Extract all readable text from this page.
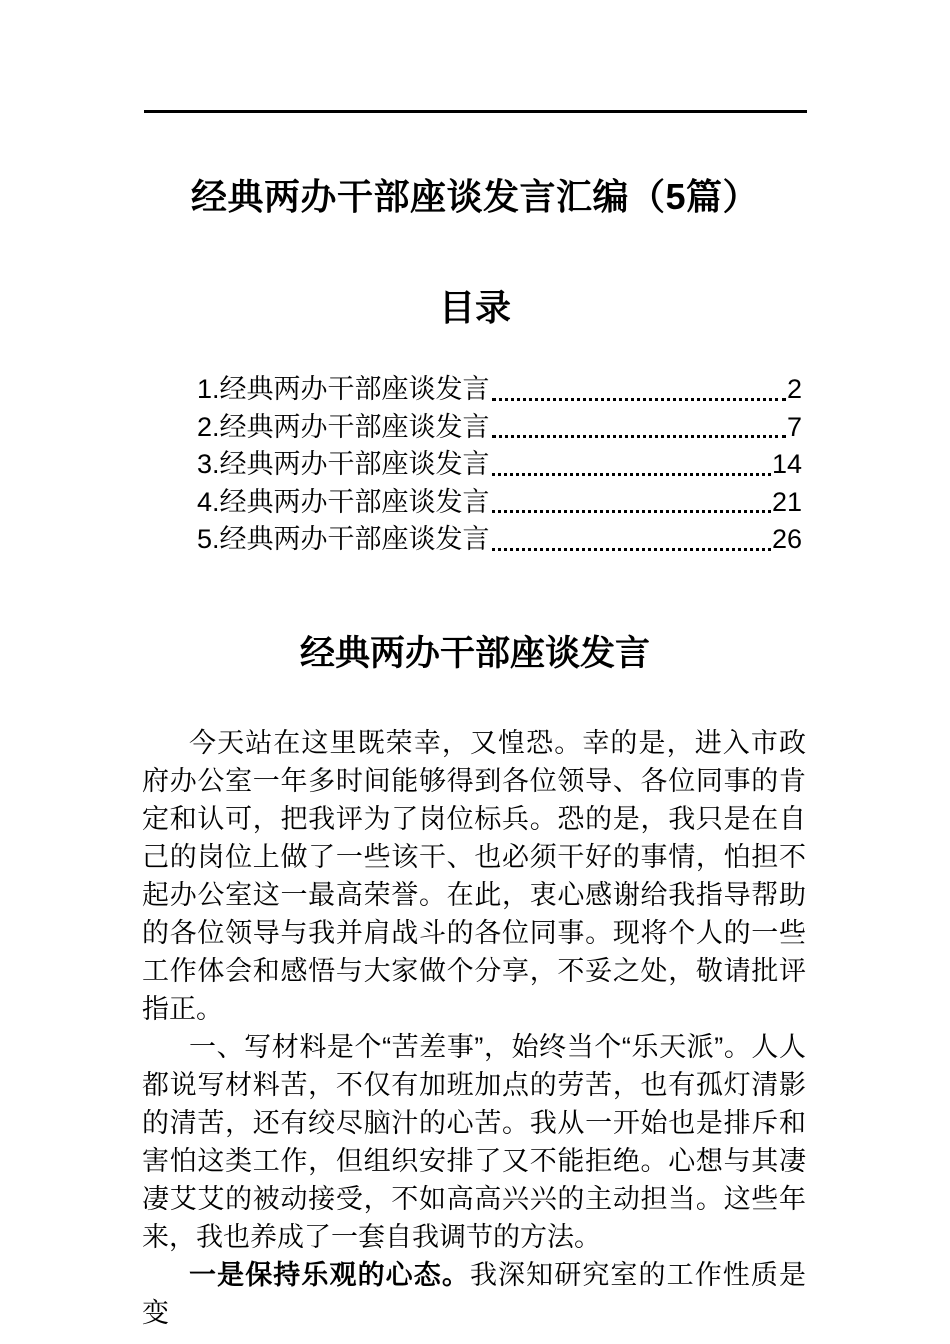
经典两办干部座谈发言汇编（5篇）
目录
1.经典两办干部座谈发言	2
2.经典两办干部座谈发言	7
3.经典两办干部座谈发言	14
4.经典两办干部座谈发言	21
5.经典两办干部座谈发言	26
经典两办干部座谈发言

今天站在这里既荣幸，又惶恐。幸的是，进入市政府办公室一年多时间能够得到各位领导、各位同事的肯定和认可，把我评为了岗位标兵。恐的是，我只是在自己的岗位上做了一些该干、也必须干好的事情，怕担不起办公室这一最高荣誉。在此，衷心感谢给我指导帮助的各位领导与我并肩战斗的各位同事。现将个人的一些工作体会和感悟与大家做个分享，不妥之处，敬请批评指正。

一、写材料是个“苦差事”，始终当个“乐天派”。人人都说写材料苦，不仅有加班加点的劳苦，也有孤灯清影的清苦，还有绞尽脑汁的心苦。我从一开始也是排斥和害怕这类工作，但组织安排了又不能拒绝。心想与其凄凄艾艾的被动接受，不如高高兴兴的主动担当。这些年来，我也养成了一套自我调节的方法。

一是保持乐观的心态。我深知研究室的工作性质是变
